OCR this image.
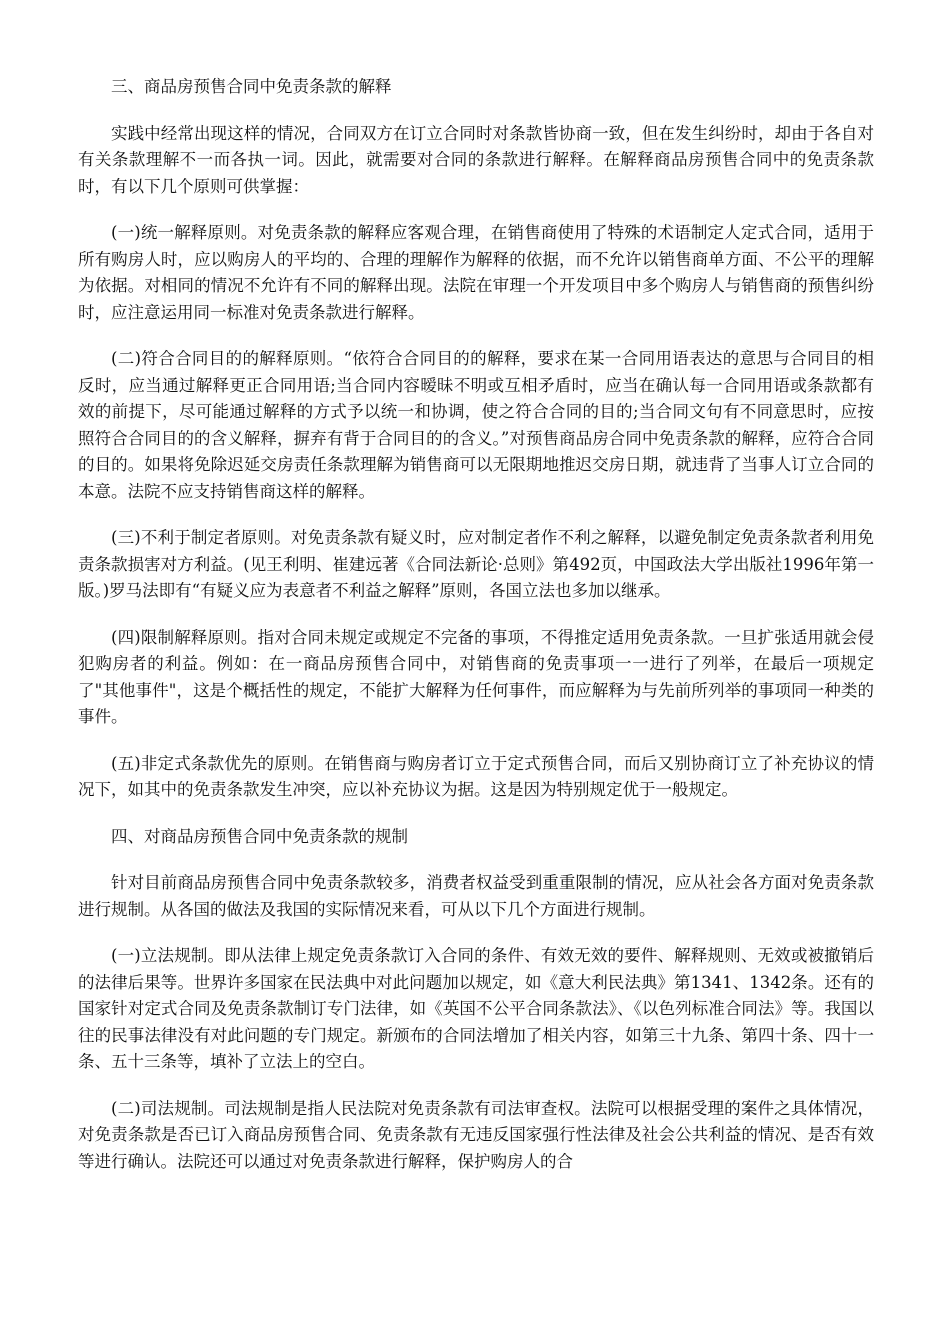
三、商品房预售合同中免责条款的解释

实践中经常出现这样的情况，合同双方在订立合同时对条款皆协商一致，但在发生纠纷时，却由于各自对有关条款理解不一而各执一词。因此，就需要对合同的条款进行解释。在解释商品房预售合同中的免责条款时，有以下几个原则可供掌握：

(一)统一解释原则。对免责条款的解释应客观合理，在销售商使用了特殊的术语制定人定式合同，适用于所有购房人时，应以购房人的平均的、合理的理解作为解释的依据，而不允许以销售商单方面、不公平的理解为依据。对相同的情况不允许有不同的解释出现。法院在审理一个开发项目中多个购房人与销售商的预售纠纷时，应注意运用同一标准对免责条款进行解释。

(二)符合合同目的的解释原则。“依符合合同目的的解释，要求在某一合同用语表达的意思与合同目的相反时，应当通过解释更正合同用语;当合同内容暧昧不明或互相矛盾时，应当在确认每一合同用语或条款都有效的前提下，尽可能通过解释的方式予以统一和协调，使之符合合同的目的;当合同文句有不同意思时，应按照符合合同目的的含义解释，摒弃有背于合同目的的含义。”对预售商品房合同中免责条款的解释，应符合合同的目的。如果将免除迟延交房责任条款理解为销售商可以无限期地推迟交房日期，就违背了当事人订立合同的本意。法院不应支持销售商这样的解释。

(三)不利于制定者原则。对免责条款有疑义时，应对制定者作不利之解释，以避免制定免责条款者利用免责条款损害对方利益。(见王利明、崔建远著《合同法新论·总则》第492页，中国政法大学出版社1996年第一版。)罗马法即有“有疑义应为表意者不利益之解释”原则，各国立法也多加以继承。

(四)限制解释原则。指对合同未规定或规定不完备的事项，不得推定适用免责条款。一旦扩张适用就会侵犯购房者的利益。例如：在一商品房预售合同中，对销售商的免责事项一一进行了列举，在最后一项规定了"其他事件"，这是个概括性的规定，不能扩大解释为任何事件，而应解释为与先前所列举的事项同一种类的事件。

(五)非定式条款优先的原则。在销售商与购房者订立于定式预售合同，而后又别协商订立了补充协议的情况下，如其中的免责条款发生冲突，应以补充协议为据。这是因为特别规定优于一般规定。

四、对商品房预售合同中免责条款的规制

针对目前商品房预售合同中免责条款较多，消费者权益受到重重限制的情况，应从社会各方面对免责条款进行规制。从各国的做法及我国的实际情况来看，可从以下几个方面进行规制。

(一)立法规制。即从法律上规定免责条款订入合同的条件、有效无效的要件、解释规则、无效或被撤销后的法律后果等。世界许多国家在民法典中对此问题加以规定，如《意大利民法典》第1341、1342条。还有的国家针对定式合同及免责条款制订专门法律，如《英国不公平合同条款法》、《以色列标准合同法》等。我国以往的民事法律没有对此问题的专门规定。新颁布的合同法增加了相关内容，如第三十九条、第四十条、四十一条、五十三条等，填补了立法上的空白。

(二)司法规制。司法规制是指人民法院对免责条款有司法审查权。法院可以根据受理的案件之具体情况，对免责条款是否已订入商品房预售合同、免责条款有无违反国家强行性法律及社会公共利益的情况、是否有效等进行确认。法院还可以通过对免责条款进行解释，保护购房人的合
